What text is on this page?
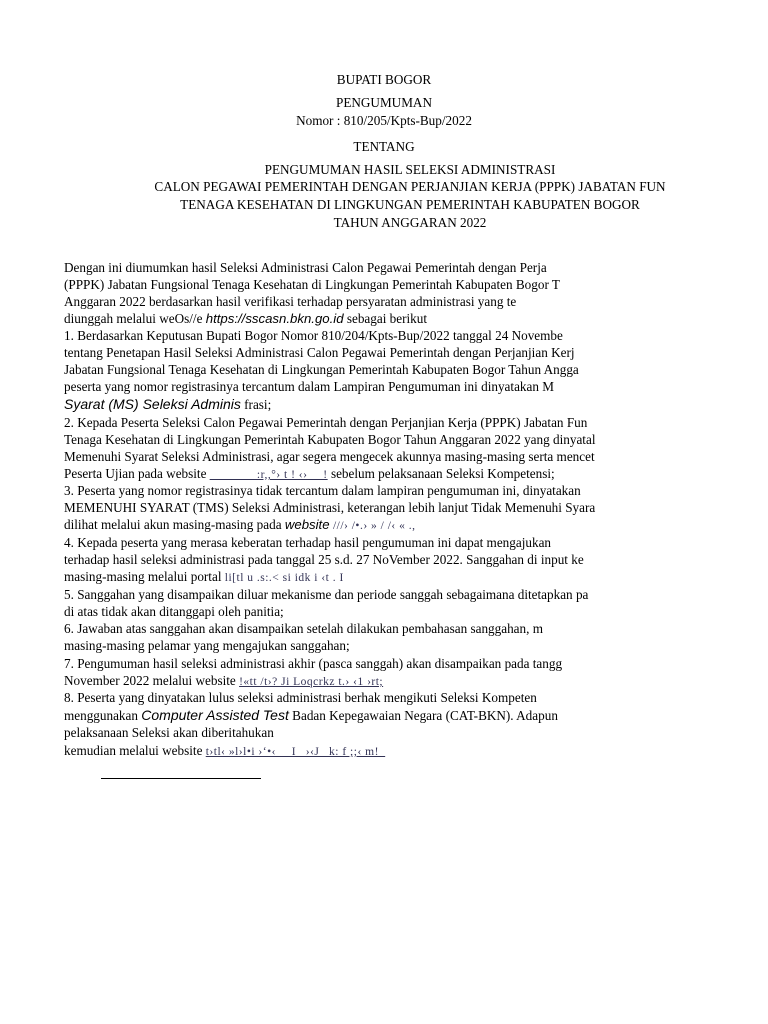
BUPATI BOGOR
PENGUMUMAN
Nomor : 810/205/Kpts-Bup/2022
TENTANG
PENGUMUMAN HASIL SELEKSI ADMINISTRASI
CALON PEGAWAI PEMERINTAH DENGAN PERJANJIAN KERJA (PPPK) JABATAN FUN
TENAGA KESEHATAN DI LINGKUNGAN PEMERINTAH KABUPATEN BOGOR
TAHUN ANGGARAN 2022
Dengan ini diumumkan hasil Seleksi Administrasi Calon Pegawai Pemerintah dengan Perja
(PPPK) Jabatan Fungsional Tenaga Kesehatan di Lingkungan Pemerintah Kabupaten Bogor T
Anggaran 2022 berdasarkan hasil verifikasi terhadap persyaratan administrasi yang te
diunggah melalui weOs//e https://sscasn.bkn.go.id sebagai berikut
1. Berdasarkan Keputusan Bupati Bogor Nomor 810/204/Kpts-Bup/2022 tanggal 24 Novembe
tentang Penetapan Hasil Seleksi Administrasi Calon Pegawai Pemerintah dengan Perjanjian Kerj
Jabatan Fungsional Tenaga Kesehatan di Lingkungan Pemerintah Kabupaten Bogor Tahun Angga
peserta yang nomor registrasinya tercantum dalam Lampiran Pengumuman ini dinyatakan M
Syarat (MS) Seleksi Adminis frasi;
2. Kepada Peserta Seleksi Calon Pegawai Pemerintah dengan Perjanjian Kerja (PPPK) Jabatan Fun
Tenaga Kesehatan di Lingkungan Pemerintah Kabupaten Bogor Tahun Anggaran 2022 yang dinyatal
Memenuhi Syarat Seleksi Administrasi, agar segera mengecek akunnya masing-masing serta mencet
Peserta Ujian pada website _______ :r,,°› t ! ‹›__ ! sebelum pelaksanaan Seleksi Kompetensi;
3. Peserta yang nomor registrasinya tidak tercantum dalam lampiran pengumuman ini, dinyatakan
MEMENUHI SYARAT (TMS) Seleksi Administrasi, keterangan lebih lanjut Tidak Memenuhi Syara
dilihat melalui akun masing-masing pada website ///› /•.› » / /‹ « .,
4. Kepada peserta yang merasa keberatan terhadap hasil pengumuman ini dapat mengajukan
terhadap hasil seleksi administrasi pada tanggal 25 s.d. 27 NoVember 2022. Sanggahan di input ke
masing-masing melalui portal li[tl u .s:.< si idk i ‹t . I
5. Sanggahan yang disampaikan diluar mekanisme dan periode sanggah sebagaimana ditetapkan pa
di atas tidak akan ditanggapi oleh panitia;
6. Jawaban atas sanggahan akan disampaikan setelah dilakukan pembahasan sanggahan, m
masing-masing pelamar yang mengajukan sanggahan;
7. Pengumuman hasil seleksi administrasi akhir (pasca sanggah) akan disampaikan pada tangg
November 2022 melalui website !«tt /t›? Ji Loqcrkz t.› ‹1 ›rt;
8. Peserta yang dinyatakan lulus seleksi administrasi berhak mengikuti Seleksi Kompeten
menggunakan Computer Assisted Test Badan Kepegawaian Negara (CAT-BKN). Adapun
pelaksanaan Seleksi akan diberitahukan
kemudian melalui website t›tl‹ »l›l•i ›‘•‹__ I_ ›‹J_ k: f ;;‹ m!_
